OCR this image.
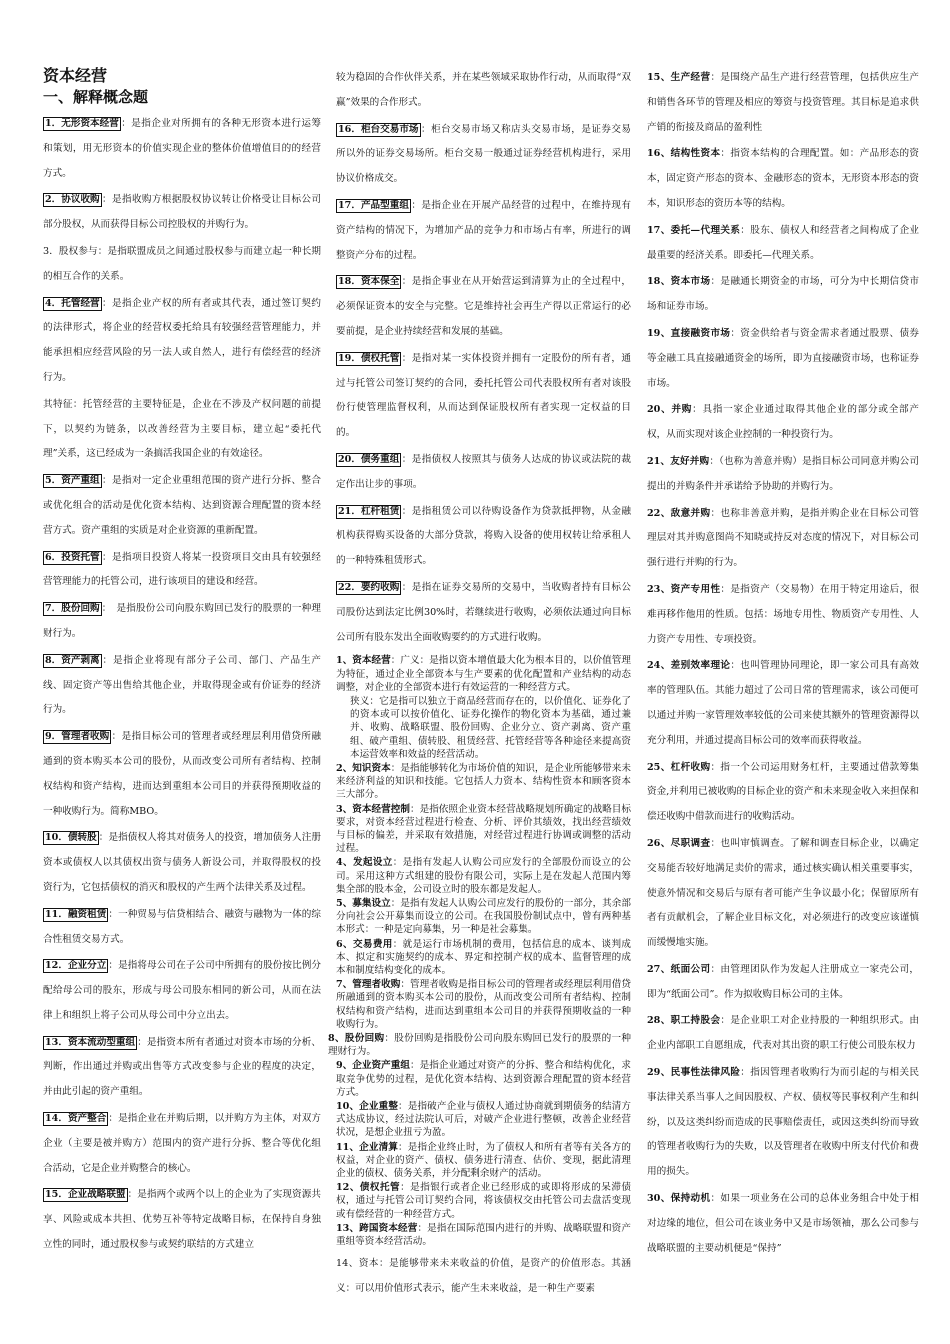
资本经营
一、解释概念题

1．无形资本经营 ：是指企业对所拥有的各种无形资本进行运筹和策划，用无形资本的价值实现企业的整体价值增值目的的经营方式。

2．协议收购 ：是指收购方根据股权协议转让价格受让目标公司部分股权，从而获得目标公司控股权的并购行为。

3．股权参与：是指联盟成员之间通过股权参与而建立起一种长期的相互合作的关系。

4．托管经营 ：是指企业产权的所有者或其代表，通过签订契约的法律形式，将企业的经营权委托给具有较强经营管理能力，并能承担相应经营风险的另一法人或自然人，进行有偿经营的经济行为。

其特征：托管经营的主要特征是，企业在不涉及产权问题的前提下，以契约为链条，以改善经营为主要目标，建立起“委托代理”关系，这已经成为一条搞活我国企业的有效途径。

5．资产重组 ：是指对一定企业重组范围的资产进行分拆、整合或优化组合的活动是优化资本结构、达到资源合理配置的资本经营方式。资产重组的实质是对企业资源的重新配置。

6．投资托管 ：是指项目投资人将某一投资项目交由具有较强经营管理能力的托管公司，进行该项目的建设和经营。

7．股份回购 ：　是指股份公司向股东购回已发行的股票的一种理财行为。

8．资产剥离 ：是指企业将现有部分子公司、部门、产品生产线、固定资产等出售给其他企业，并取得现金或有价证券的经济行为。

9．管理者收购 ：是指目标公司的管理者或经理层利用借贷所融通到的资本购买本公司的股份，从而改变公司所有者结构、控制权结构和资产结构，进而达到重组本公司目的并获得预期收益的一种收购行为。简称MBO。

10．债转股 ：是指债权人将其对债务人的投资，增加债务人注册资本或债权人以其债权出资与债务人新设公司，并取得股权的投资行为，它包括债权的消灭和股权的产生两个法律关系及过程。

11．融资租赁 ：一种贸易与信贷相结合、融资与融物为一体的综合性租赁交易方式。

12．企业分立 ：是指将母公司在子公司中所拥有的股份按比例分配给母公司的股东，形成与母公司股东相同的新公司，从而在法律上和组织上将子公司从母公司中分立出去。

13．资本流动型重组 ：是指资本所有者通过对资本市场的分析、判断，作出通过并购或出售等方式改变参与企业的程度的决定，并由此引起的资产重组。

14．资产整合 ：是指企业在并购后期，以并购方为主体，对双方企业（主要是被并购方）范围内的资产进行分拆、整合等优化组合活动，它是企业并购整合的核心。

15．企业战略联盟 ：是指两个或两个以上的企业为了实现资源共享、风险或成本共担、优势互补等特定战略目标，在保持自身独立性的同时，通过股权参与或契约联结的方式建立

较为稳固的合作伙伴关系，并在某些领域采取协作行动，从而取得“双赢”效果的合作形式。

16．柜台交易市场 ：柜台交易市场又称店头交易市场，是证券交易所以外的证券交易场所。柜台交易一般通过证券经营机构进行，采用协议价格成交。

17．产品型重组 ：是指企业在开展产品经营的过程中，在维持现有资产结构的情况下，为增加产品的竞争力和市场占有率，所进行的调整资产分布的过程。

18．资本保全 ：是指企事业在从开始营运到清算为止的全过程中，必须保证资本的安全与完整。它是维持社会再生产得以正常运行的必要前提，是企业持续经营和发展的基础。

19．债权托管 ：是指对某一实体投资并拥有一定股份的所有者，通过与托管公司签订契约的合同，委托托管公司代表股权所有者对该股份行使管理监督权利，从而达到保证股权所有者实现一定权益的目的。

20．债务重组 ：是指债权人按照其与债务人达成的协议或法院的裁定作出让步的事项。

21．杠杆租赁 ：是指租赁公司以待购设备作为贷款抵押物，从金融机构获得购买设备的大部分贷款，将购入设备的使用权转让给承租人的一种特殊租赁形式。

22．要约收购 ：是指在证券交易所的交易中，当收购者持有目标公司股份达到法定比例30%时，若继续进行收购，必须依法通过向目标公司所有股东发出全面收购要约的方式进行收购。

1、资本经营：广义：是指以资本增值最大化为根本目的，以价值管理为特征，通过企业全部资本与生产要素的优化配置和产业结构的动态调整，对企业的全部资本进行有效运营的一种经营方式。

狭义：它是指可以独立于商品经营而存在的，以价值化、证券化了的资本或可以按价值化、证券化操作的物化资本为基础，通过兼并、收购、战略联盟、股份回购、企业分立、资产剥离、资产重组、破产重组、债转股、租赁经营、托管经营等各种途径来提高资本运营效率和效益的经营活动。

2、知识资本：是指能够转化为市场价值的知识，是企业所能够带来未来经济利益的知识和技能。它包括人力资本、结构性资本和顾客资本三大部分。

3、资本经营控制：是指依照企业资本经营战略规划所确定的战略目标要求，对资本经营过程进行检查、分析、评价其绩效，找出经营绩效与目标的偏差，并采取有效措施，对经营过程进行协调或调整的活动过程。

4、发起设立：是指有发起人认购公司应发行的全部股份而设立的公司。采用这种方式组建的股份有限公司，实际上是在发起人范围内筹集全部的股本金，公司设立时的股东都是发起人。

5、募集设立：是指有发起人认购公司应发行的股份的一部分，其余部分向社会公开募集而设立的公司。在我国股份制试点中，曾有两种基本形式：一种是定向募集，另一种是社会募集。

6、交易费用：就是运行市场机制的费用，包括信息的成本、谈判成本、拟定和实施契约的成本、界定和控制产权的成本、监督管理的成本和制度结构变化的成本。

7、管理者收购：管理者收购是指目标公司的管理者或经理层利用借贷所融通到的资本购买本公司的股份，从而改变公司所有者结构、控制权结构和资产结构，进而达到重组本公司目的并获得预期收益的一种收购行为。

8、股份回购：股份回购是指股份公司向股东购回已发行的股票的一种理财行为。

9、企业资产重组：是指企业通过对资产的分拆、整合和结构优化，求取竞争优势的过程，是优化资本结构、达到资源合理配置的资本经营方式。

10、企业重整：是指破产企业与债权人通过协商就到期债务的结清方式达成协议，经过法院认可后，对破产企业进行整顿，改善企业经营状况，是想企业扭亏为盈。

11、企业清算：是指企业终止时，为了债权人和所有者等有关各方的权益，对企业的资产、债权、债务进行清查、估价、变现，据此清理企业的债权、债务关系，并分配剩余财产的活动。

12、债权托管：是指银行或者企业已经形成的或即将形成的呆滞债权，通过与托管公司订契约合同，将该债权交由托管公司去盘活变现或有偿经营的一种经营方式。

13、跨国资本经营：是指在国际范围内进行的并购、战略联盟和资产重组等资本经营活动。

14、资本：是能够带来未来收益的价值，是资产的价值形态。其涵义：可以用价值形式表示，能产生未来收益，是一种生产要素

15、生产经营：是围绕产品生产进行经营管理，包括供应生产和销售各环节的管理及相应的筹资与投资管理。其目标是追求供产销的衔接及商品的盈利性

16、结构性资本：指资本结构的合理配置。如：产品形态的资本，固定资产形态的资本、金融形态的资本，无形资本形态的资本，知识形态的资历本等的结构。

17、委托—代理关系：股东、债权人和经营者之间构成了企业最重要的经济关系。即委托—代理关系。

18、资本市场：是融通长期资金的市场，可分为中长期信贷市场和证券市场。

19、直接融资市场：资金供给者与资金需求者通过股票、债券等金融工具直接融通资金的场所，即为直接融资市场，也称证券市场。

20、并购：具指一家企业通过取得其他企业的部分或全部产权，从而实现对该企业控制的一种投资行为。

21、友好并购：（也称为善意并购）是指目标公司同意并购公司提出的并购条件并承诺给予协助的并购行为。

22、敌意并购：也称非善意并购，是指并购企业在目标公司管理层对其并购意图尚不知晓或持反对态度的情况下，对目标公司强行进行并购的行为。

23、资产专用性：是指资产（交易物）在用于特定用途后，很难再移作他用的性质。包括：场地专用性、物质资产专用性、人力资产专用性、专项投资。

24、差别效率理论：也叫管理协同理论，即一家公司具有高效率的管理队伍。其能力超过了公司日常的管理需求，该公司便可以通过并购一家管理效率较低的公司来使其额外的管理资源得以充分利用，并通过提高目标公司的效率而获得收益。

25、杠杆收购：指一个公司运用财务杠杆，主要通过借款筹集资金,并利用已被收购的目标企业的资产和未来现金收入来担保和偿还收购中借款而进行的收购活动。

26、尽职调查：也叫审慎调查。了解和调查目标企业，以确定交易能否较好地满足卖价的需求，通过核实确认相关重要事实，使意外情况和交易后与原有者可能产生争议最小化；保留原所有者有贡献机会，了解企业目标文化，对必须进行的改变应该谨慎而缓慢地实施。

27、纸面公司：由管理团队作为发起人注册成立一家壳公司，即为“纸面公司”。作为拟收购目标公司的主体。

28、职工持股会：是企业职工对企业持股的一种组织形式。由企业内部职工自愿组成，代表对其出资的职工行使公司股东权力

29、民事性法律风险：指因管理者收购行为而引起的与相关民事法律关系当事人之间因股权、产权、债权等民事权利产生和纠纷，以及这类纠纷而造成的民事赔偿责任，或因这类纠纷而导致的管理者收购行为的失败，以及管理者在收购中所支付代价和费用的损失。

30、保持动机：如果一项业务在公司的总体业务组合中处于相对边缘的地位，但公司在该业务中又是市场领袖，那么公司参与战略联盟的主要动机便是“保持”
